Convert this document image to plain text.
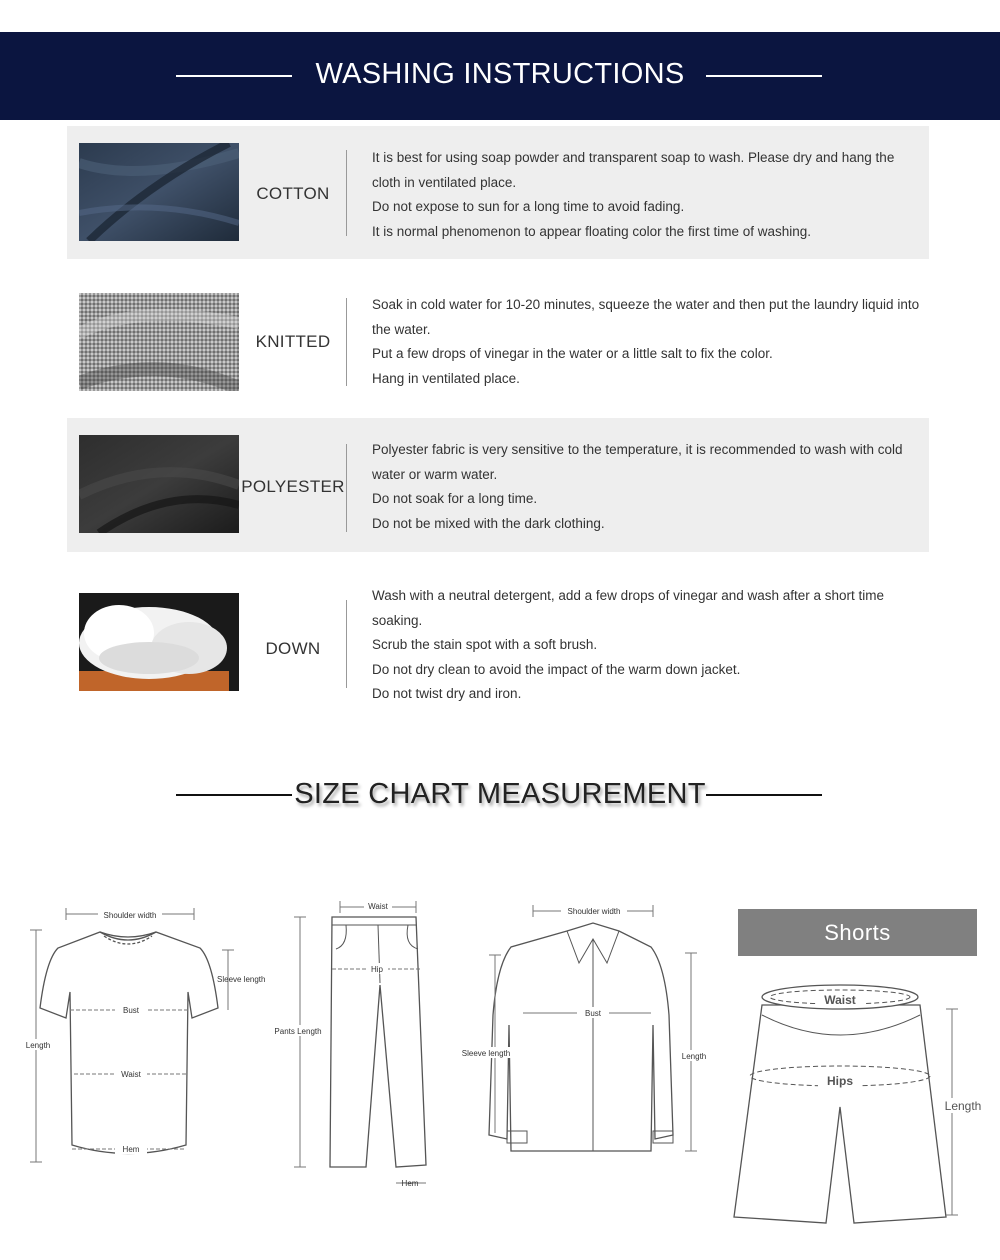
WASHING INSTRUCTIONS
COTTON

It is best for using soap powder and transparent soap to wash. Please dry and hang the cloth in ventilated place.

Do not expose to sun for a long time to avoid fading.

It is normal phenomenon to appear floating color the first time of washing.

KNITTED

Soak in cold water for 10-20 minutes, squeeze the water and then put the laundry liquid into the water.

Put a few drops of vinegar in the water or a little salt to fix the color.

Hang in ventilated place.

POLYESTER

Polyester fabric is very sensitive to the temperature, it is recommended to wash with cold water or warm water.

Do not soak for a long time.

Do not be mixed with the dark clothing.

DOWN

Wash with a neutral detergent, add a few drops of vinegar and wash after a short time soaking.

Scrub the stain spot with a soft brush.

Do not dry clean to avoid the impact of the warm down jacket.

Do not twist dry and iron.

SIZE CHART MEASUREMENT
Shoulder width
Sleeve length
Bust
Length
Waist
Hem
Waist
Hip
Pants Length
Hem
Shoulder width
Bust
Sleeve length	Length
Shorts
Waist
Hips
Length
